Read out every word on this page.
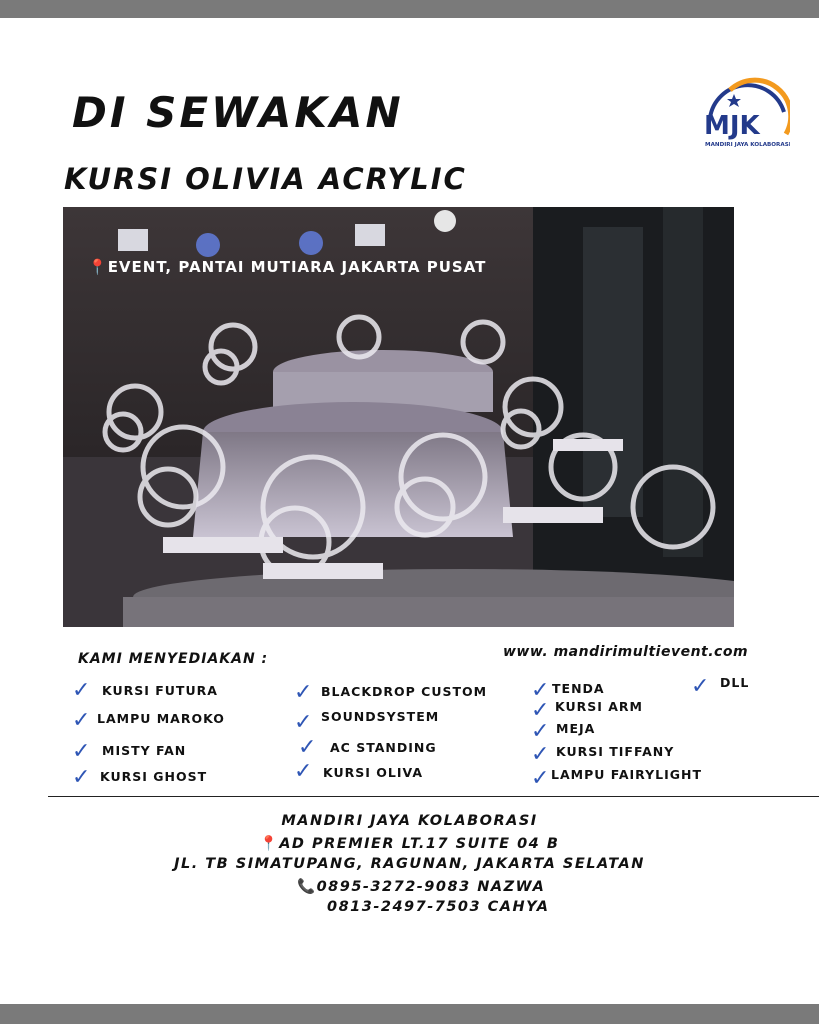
DI SEWAKAN
KURSI OLIVIA ACRYLIC
MJK
MANDIRI JAYA KOLABORASI
📍EVENT, PANTAI MUTIARA JAKARTA PUSAT
KAMI MENYEDIAKAN :	www. mandirimultievent.com
✓ KURSI FUTURA
✓ LAMPU MAROKO
✓ MISTY FAN
✓ KURSI GHOST
✓ BLACKDROP CUSTOM
✓ SOUNDSYSTEM
✓ AC STANDING
✓ KURSI OLIVA
✓ TENDA
✓ KURSI ARM
✓ MEJA
✓ KURSI TIFFANY
✓ LAMPU FAIRYLIGHT
✓ DLL
MANDIRI JAYA KOLABORASI
📍AD PREMIER LT.17 SUITE 04 B
JL. TB SIMATUPANG, RAGUNAN, JAKARTA SELATAN
📞0895-3272-9083 NAZWA
0813-2497-7503 CAHYA
